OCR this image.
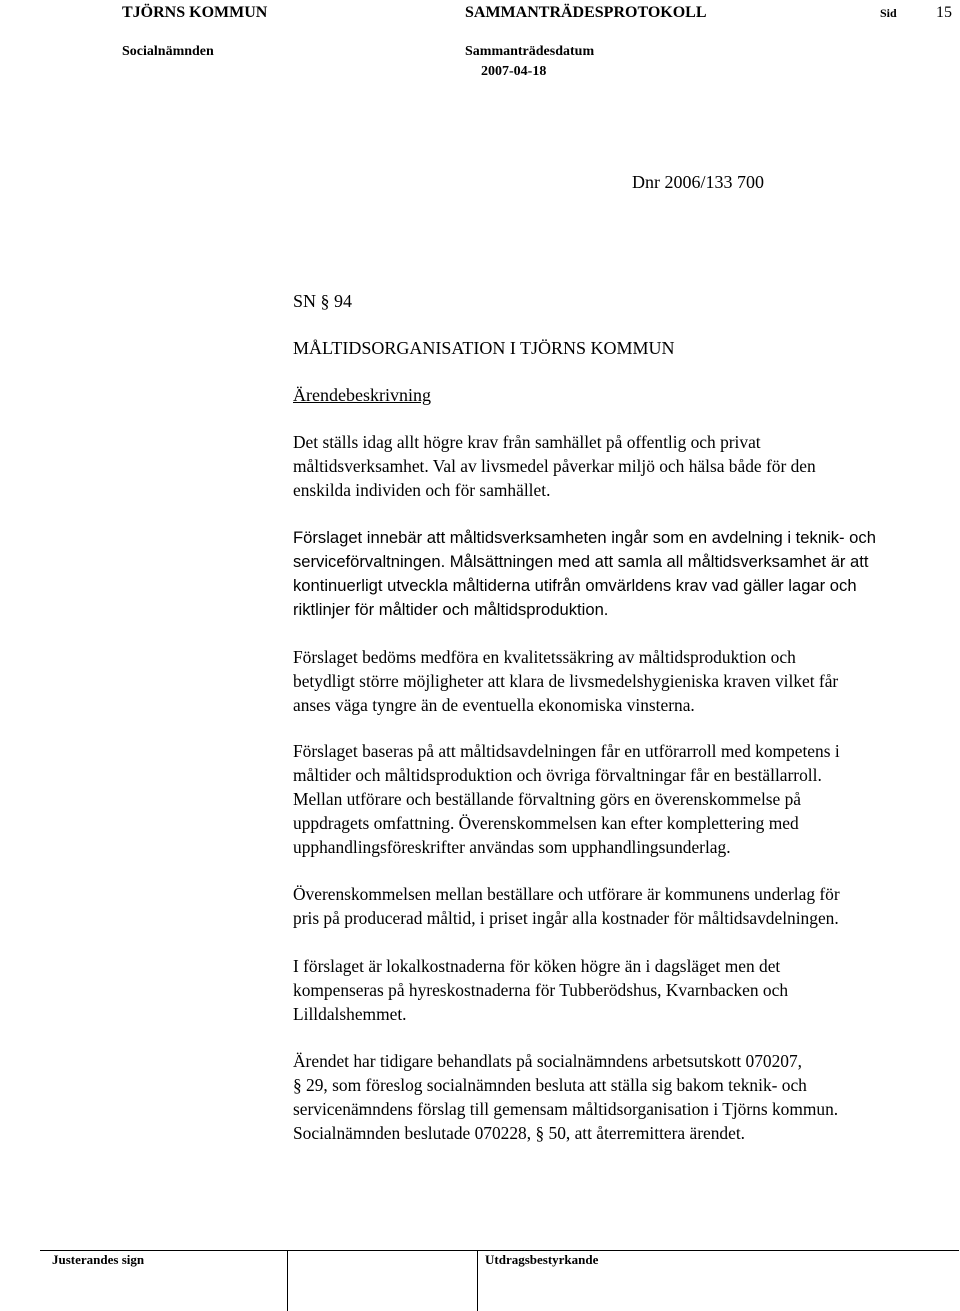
TJÖRNS KOMMUN	SAMMANTRÄDESPROTOKOLL	Sid 15
Socialnämnden	Sammanträdesdatum
2007-04-18
Dnr 2006/133 700
SN § 94
MÅLTIDSORGANISATION I TJÖRNS KOMMUN
Ärendebeskrivning
Det ställs idag allt högre krav från samhället på offentlig och privat
måltidsverksamhet. Val av livsmedel påverkar miljö och hälsa både för den
enskilda individen och för samhället.
Förslaget innebär att måltidsverksamheten ingår som en avdelning i teknik- och
serviceförvaltningen. Målsättningen med att samla all måltidsverksamhet är att
kontinuerligt utveckla måltiderna utifrån omvärldens krav vad gäller lagar och
riktlinjer för måltider och måltidsproduktion.
Förslaget bedöms medföra en kvalitetssäkring av måltidsproduktion och
betydligt större möjligheter att klara de livsmedelshygieniska kraven vilket får
anses väga tyngre än de eventuella ekonomiska vinsterna.
Förslaget baseras på att måltidsavdelningen får en utförarroll med kompetens i
måltider och måltidsproduktion och övriga förvaltningar får en beställarroll.
Mellan utförare och beställande förvaltning görs en överenskommelse på
uppdragets omfattning. Överenskommelsen kan efter komplettering med
upphandlingsföreskrifter användas som upphandlingsunderlag.
Överenskommelsen mellan beställare och utförare är kommunens underlag för
pris på producerad måltid, i priset ingår alla kostnader för måltidsavdelningen.
I förslaget är lokalkostnaderna för köken högre än i dagsläget men det
kompenseras på hyreskostnaderna för Tubberödshus, Kvarnbacken och
Lilldalshemmet.
Ärendet har tidigare behandlats på socialnämndens arbetsutskott 070207,
§ 29, som föreslog socialnämnden besluta att ställa sig bakom teknik- och
servicenämndens förslag till gemensam måltidsorganisation i Tjörns kommun.
Socialnämnden beslutade 070228, § 50, att återremittera ärendet.
Justerandes sign	Utdragsbestyrkande
